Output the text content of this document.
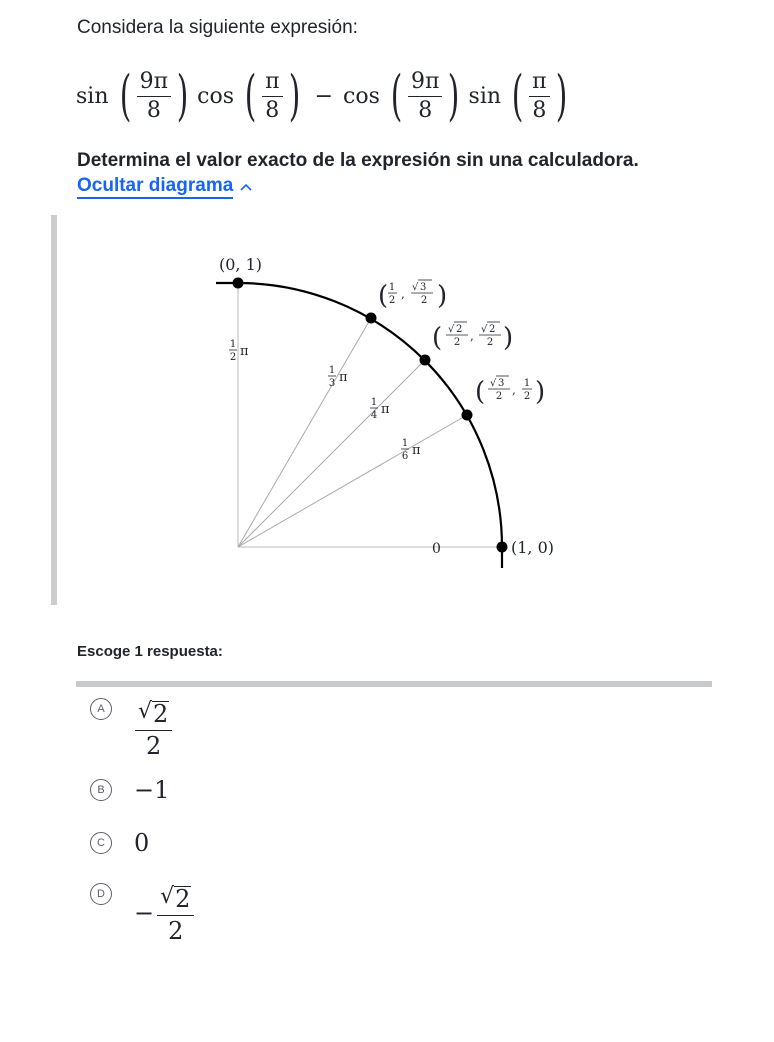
Considera la siguiente expresión:
sin ( $\frac{9\pi}{8}$ ) cos ( $\frac{\pi}{8}$ ) − cos ( $\frac{9\pi}{8}$ ) sin ( $\frac{\pi}{8}$ )
Determina el valor exacto de la expresión sin una calculadora.
Ocultar diagrama
(0, 1)
(1, 0)
( 1
2 , √ 3
2 )
( √ 2
2 , √ 2
2 )
( √ 3
2 , 1
2 )
1
2 π
1
3 π
1
4 π
1
6 π
0
Escoge 1 respuesta:
A	$\frac{√ 2}{2}$
B	−1
C 0
D
− $\frac{√ 2}{2}$
